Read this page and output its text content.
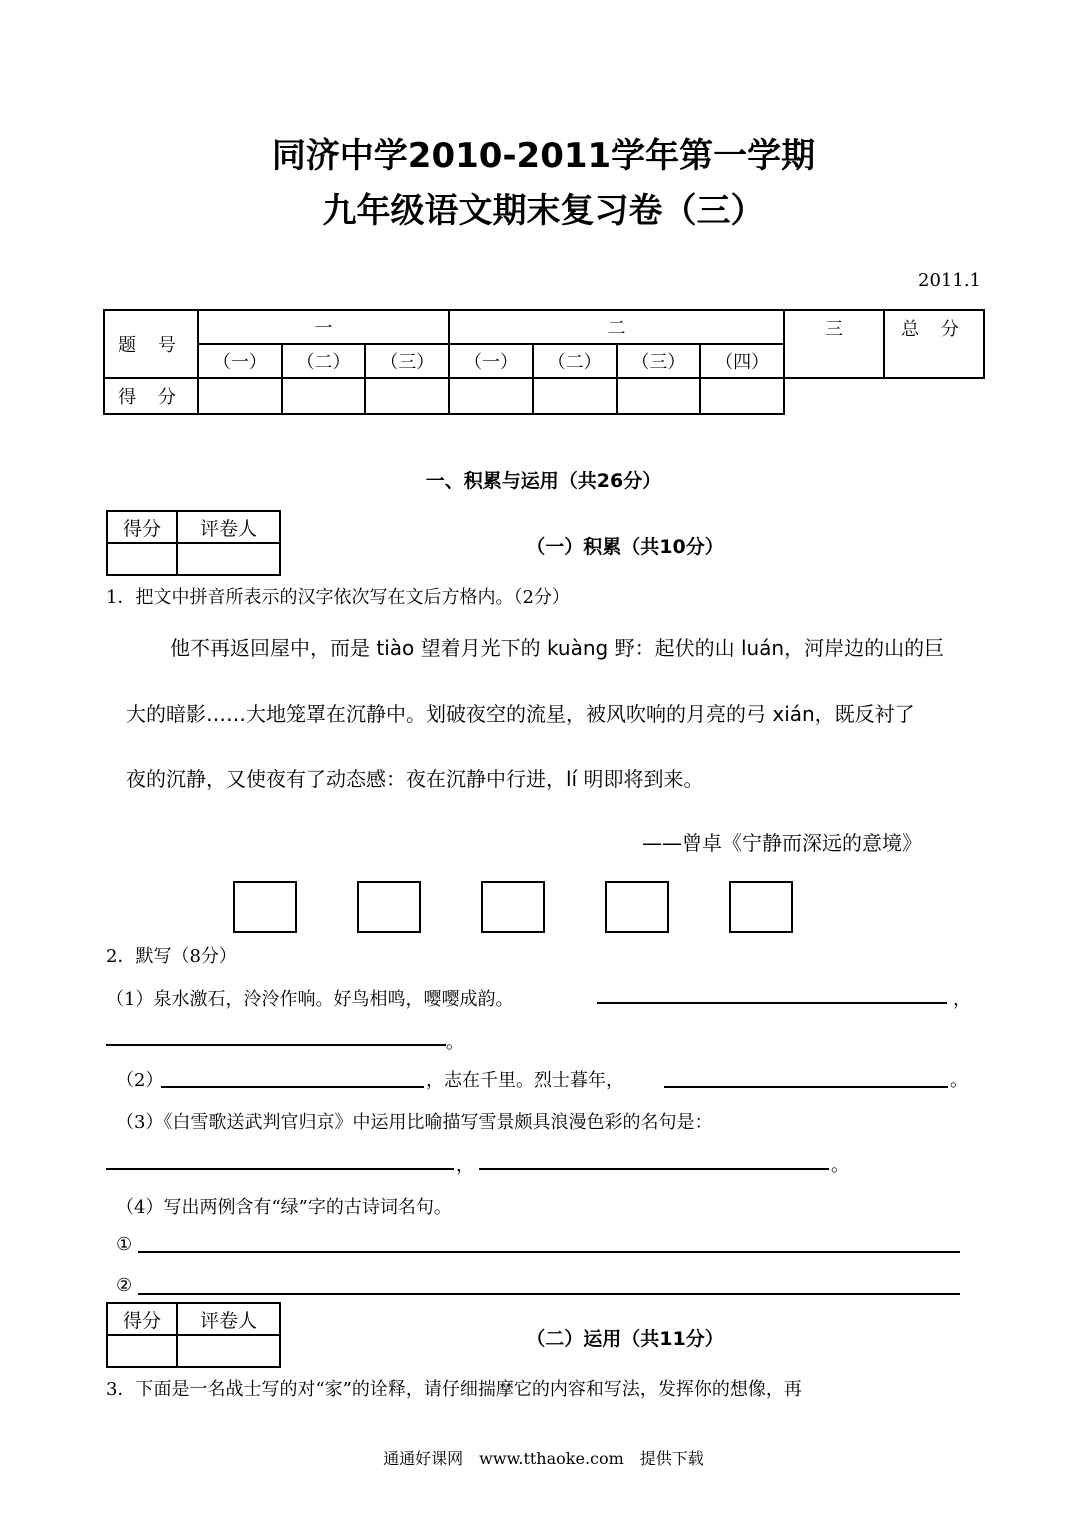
同济中学2010-2011学年第一学期
九年级语文期末复习卷（三）
2011.1
题 号	一			二				三	总 分
	（一）	（二）	（三）	（一）	（二）	（三）	（四）		
得 分									
一、积累与运用（共26分）
得分	评卷人

（一）积累（共10分）
1．把文中拼音所表示的汉字依次写在文后方格内。（2分）
他不再返回屋中，而是 tiào 望着月光下的 kuàng 野：起伏的山 luán，河岸边的山的巨
大的暗影……大地笼罩在沉静中。划破夜空的流星，被风吹响的月亮的弓 xián，既反衬了
夜的沉静，又使夜有了动态感：夜在沉静中行进，lí 明即将到来。
——曾卓《宁静而深远的意境》
2．默写（8分）
（1）泉水激石，泠泠作响。好鸟相鸣，嘤嘤成韵。	，
。
（2）	，志在千里。烈士暮年，	。
（3）《白雪歌送武判官归京》中运用比喻描写雪景颇具浪漫色彩的名句是：
，	。
（4）写出两例含有“绿”字的古诗词名句。
①
②
得分	评卷人

（二）运用（共11分）
3．下面是一名战士写的对“家”的诠释，请仔细揣摩它的内容和写法，发挥你的想像，再
通通好课网　www.tthaoke.com　提供下载
